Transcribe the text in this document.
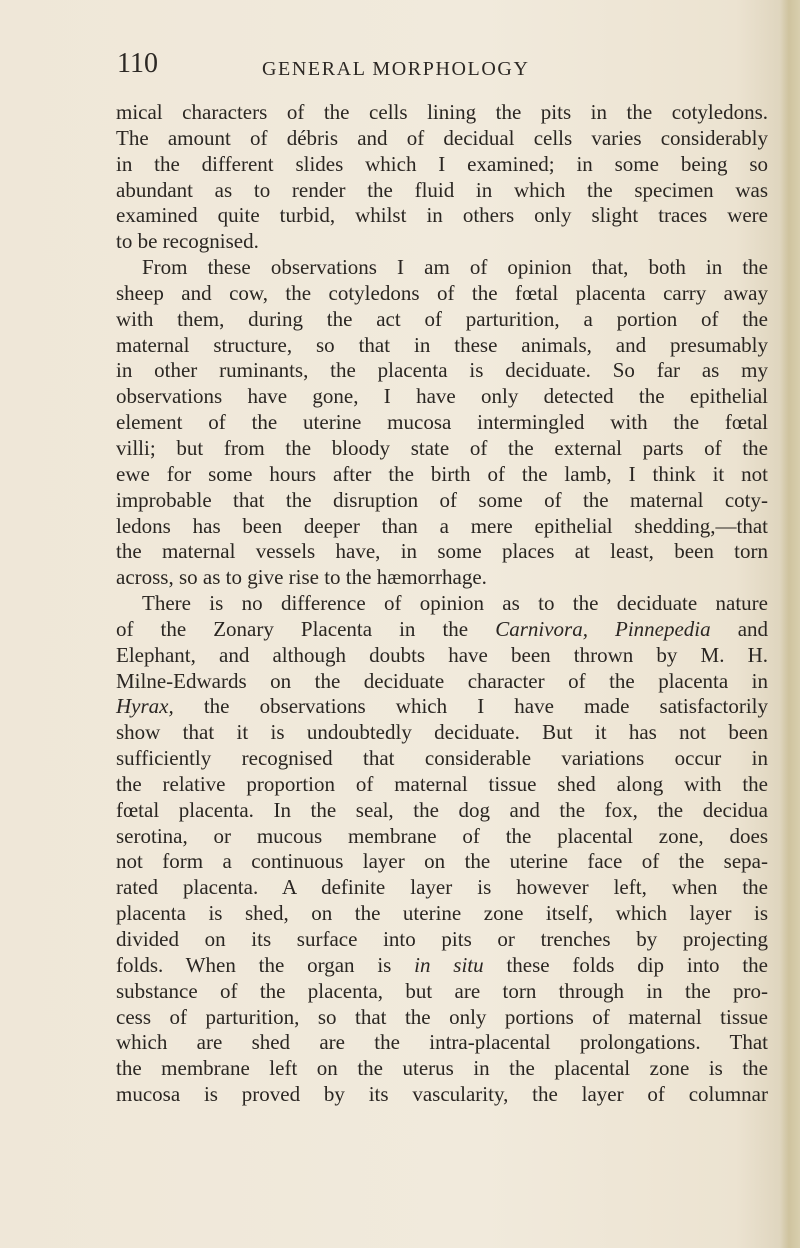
110	GENERAL MORPHOLOGY
mical characters of the cells lining the pits in the cotyledons.
The amount of débris and of decidual cells varies considerably
in the different slides which I examined; in some being so
abundant as to render the fluid in which the specimen was
examined quite turbid, whilst in others only slight traces were
to be recognised.
From these observations I am of opinion that, both in the
sheep and cow, the cotyledons of the fœtal placenta carry away
with them, during the act of parturition, a portion of the
maternal structure, so that in these animals, and presumably
in other ruminants, the placenta is deciduate. So far as my
observations have gone, I have only detected the epithelial
element of the uterine mucosa intermingled with the fœtal
villi; but from the bloody state of the external parts of the
ewe for some hours after the birth of the lamb, I think it not
improbable that the disruption of some of the maternal coty-
ledons has been deeper than a mere epithelial shedding,—that
the maternal vessels have, in some places at least, been torn
across, so as to give rise to the hæmorrhage.
There is no difference of opinion as to the deciduate nature
of the Zonary Placenta in the Carnivora, Pinnepedia and
Elephant, and although doubts have been thrown by M. H.
Milne-Edwards on the deciduate character of the placenta in
Hyrax, the observations which I have made satisfactorily
show that it is undoubtedly deciduate. But it has not been
sufficiently recognised that considerable variations occur in
the relative proportion of maternal tissue shed along with the
fœtal placenta. In the seal, the dog and the fox, the decidua
serotina, or mucous membrane of the placental zone, does
not form a continuous layer on the uterine face of the sepa-
rated placenta. A definite layer is however left, when the
placenta is shed, on the uterine zone itself, which layer is
divided on its surface into pits or trenches by projecting
folds. When the organ is in situ these folds dip into the
substance of the placenta, but are torn through in the pro-
cess of parturition, so that the only portions of maternal tissue
which are shed are the intra-placental prolongations. That
the membrane left on the uterus in the placental zone is the
mucosa is proved by its vascularity, the layer of columnar
